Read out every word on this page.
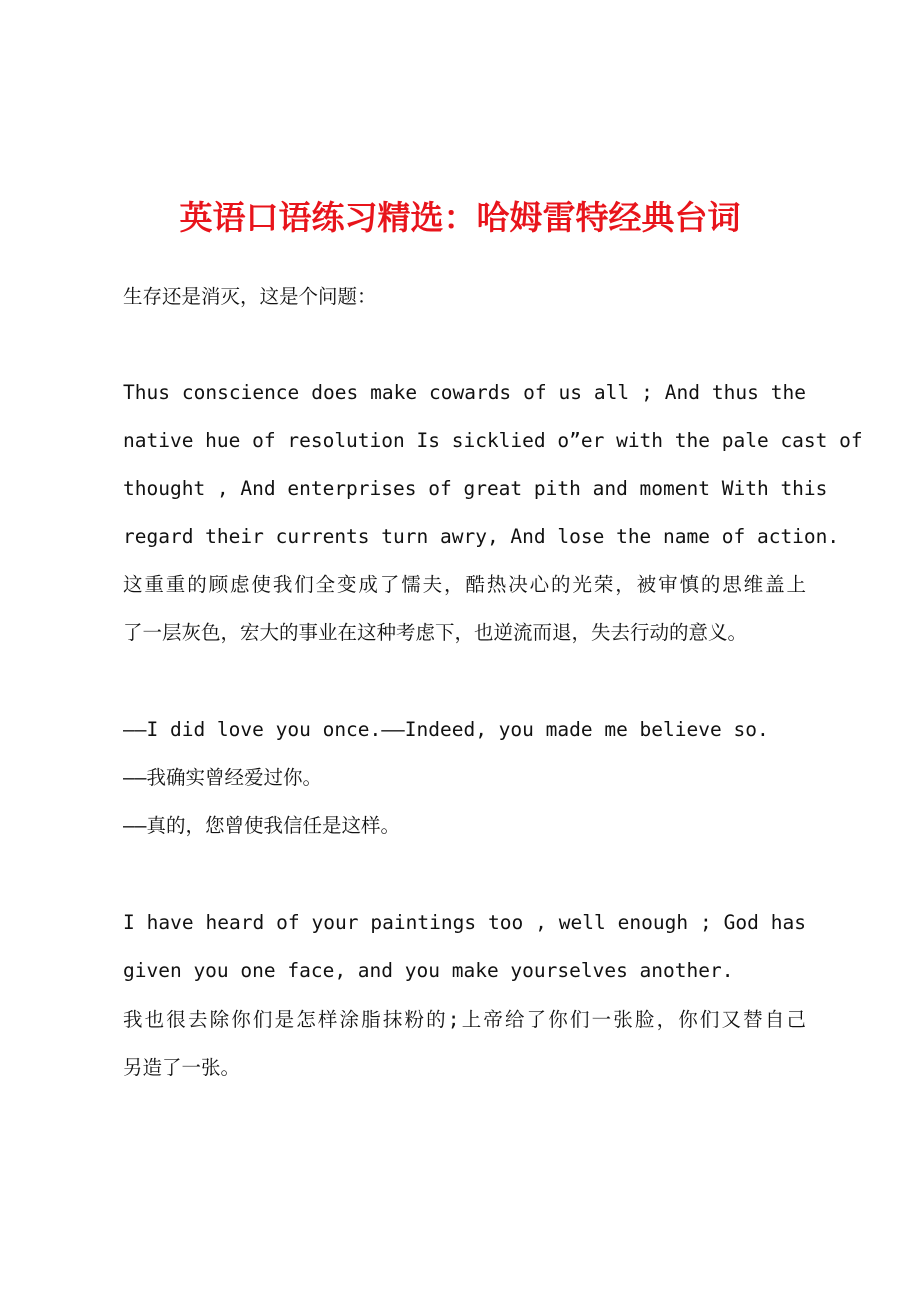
英语口语练习精选：哈姆雷特经典台词
生存还是消灭，这是个问题：
Thus conscience does make cowards of us all ; And thus the
native hue of resolution Is sicklied o”er with the pale cast of
thought , And enterprises of great pith and moment With this
regard their currents turn awry, And lose the name of action.
这重重的顾虑使我们全变成了懦夫，酷热决心的光荣，被审慎的思维盖上
了一层灰色，宏大的事业在这种考虑下，也逆流而退，失去行动的意义。
——I did love you once.——Indeed, you made me believe so.
——我确实曾经爱过你。
——真的，您曾使我信任是这样。
I have heard of your paintings too , well enough ; God has
given you one face, and you make yourselves another.
我也很去除你们是怎样涂脂抹粉的;上帝给了你们一张脸，你们又替自己
另造了一张。
